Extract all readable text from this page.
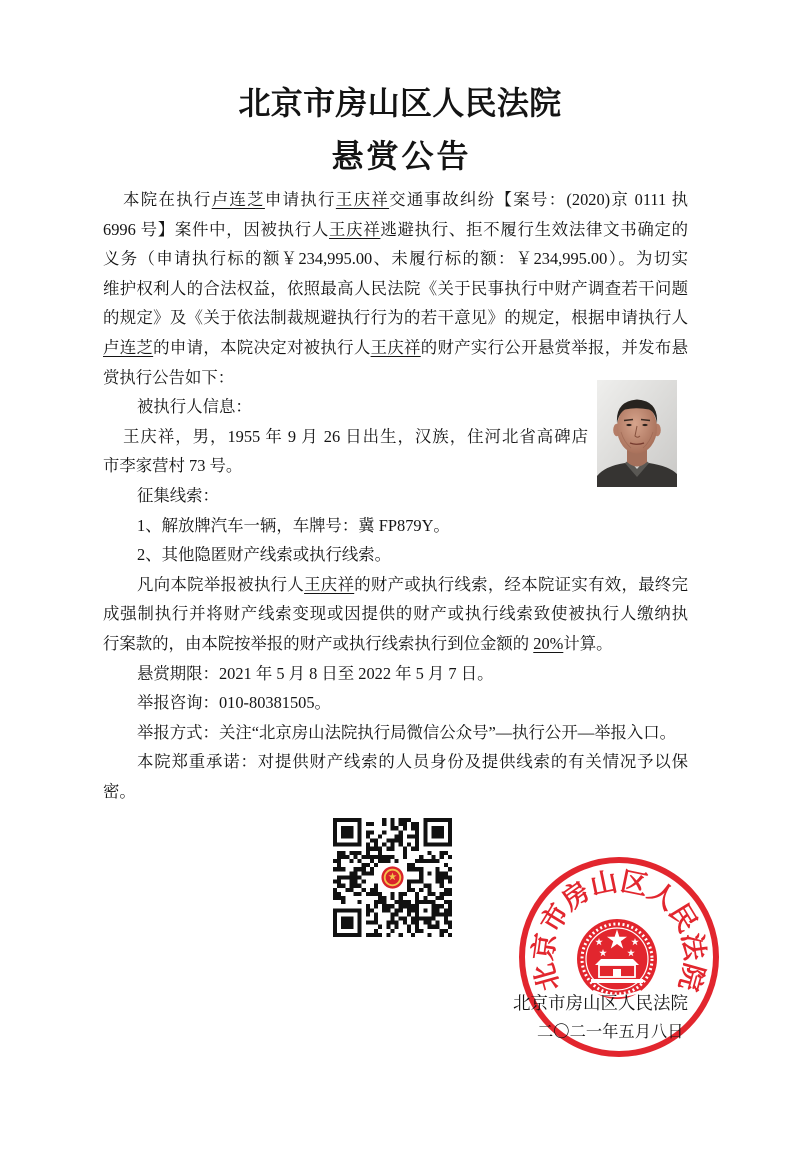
北京市房山区人民法院
悬赏公告
本院在执行卢连芝申请执行王庆祥交通事故纠纷【案号：(2020)京 0111 执
6996 号】案件中，因被执行人王庆祥逃避执行、拒不履行生效法律文书确定的
义务（申请执行标的额￥234,995.00、未履行标的额：￥234,995.00）。为切实
维护权利人的合法权益，依照最高人民法院《关于民事执行中财产调查若干问题
的规定》及《关于依法制裁规避执行行为的若干意见》的规定，根据申请执行人
卢连芝的申请，本院决定对被执行人王庆祥的财产实行公开悬赏举报，并发布悬
赏执行公告如下：
被执行人信息：
王庆祥，男，1955 年 9 月 26 日出生，汉族，住河北省高碑店
市李家营村 73 号。
征集线索：
1、解放牌汽车一辆，车牌号：冀 FP879Y。
2、其他隐匿财产线索或执行线索。
凡向本院举报被执行人王庆祥的财产或执行线索，经本院证实有效，最终完
成强制执行并将财产线索变现或因提供的财产或执行线索致使被执行人缴纳执
行案款的，由本院按举报的财产或执行线索执行到位金额的 20%计算。
悬赏期限：2021 年 5 月 8 日至 2022 年 5 月 7 日。
举报咨询：010-80381505。
举报方式：关注“北京房山法院执行局微信公众号”—执行公开—举报入口。
本院郑重承诺：对提供财产线索的人员身份及提供线索的有关情况予以保
密。
北京市房山区人民法院
北京市房山区人民法院
二〇二一年五月八日
